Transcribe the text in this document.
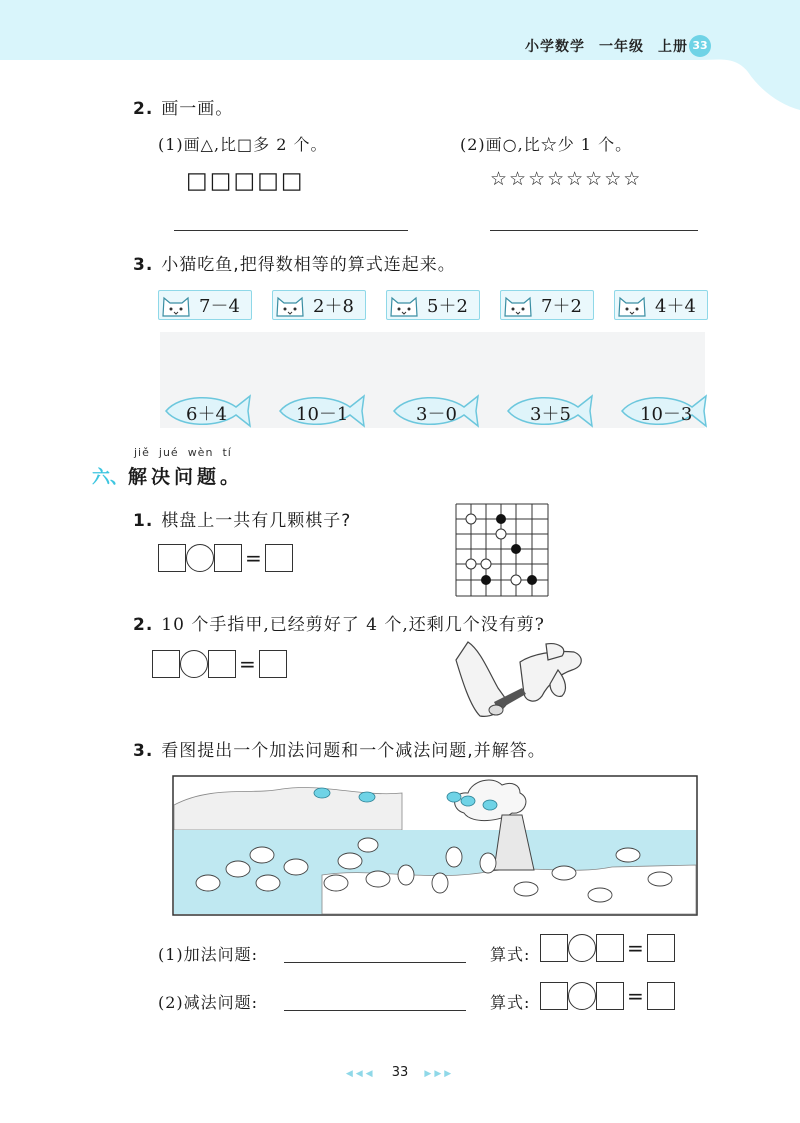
小学数学 一年级 上册 33
2. 画一画。
(1)画△,比□多 2 个。	(2)画○,比☆少 1 个。
□□□□□	☆☆☆☆☆☆☆☆
3. 小猫吃鱼,把得数相等的算式连起来。
7－4	2＋8	5＋2	7＋2	4＋4
6＋4	10－1	3－0	3＋5	10－3
jiě jué wèn tí
六、解决问题。
1. 棋盘上一共有几颗棋子?
=
2. 10 个手指甲,已经剪好了 4 个,还剩几个没有剪?
=
3. 看图提出一个加法问题和一个减法问题,并解答。
(1)加法问题:	算式:	=
(2)减法问题:	算式:	=
◀◀◀ 33 ▶▶▶
